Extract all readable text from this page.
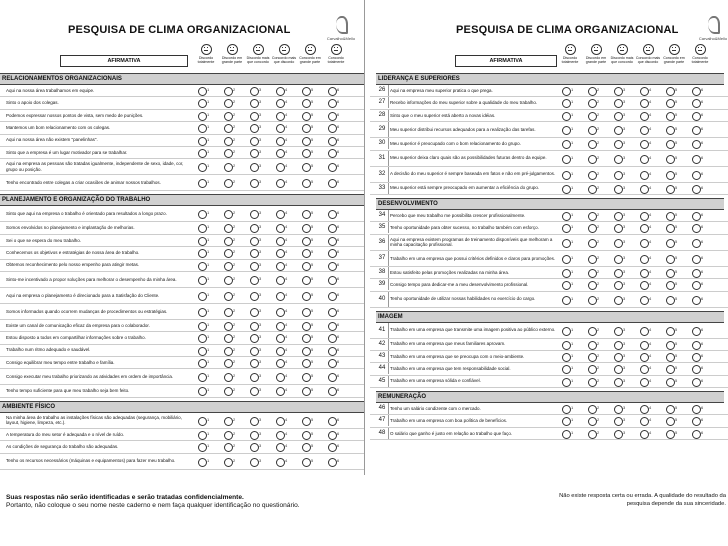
PESQUISA DE CLIMA ORGANIZACIONAL
Carvalho&Mello
Discordo totalmente
Discordo em grande parte
Discordo mais que concordo
Concordo mais que discordo
Concordo em grande parte
Concordo totalmente
AFIRMATIVA
RELACIONAMENTOS ORGANIZACIONAIS
Aqui na nossa área trabalhamos em equipe.	1	2	3	4	5	6
Sinto o apoio dos colegas.	1	2	3	4	5	6
Podemos expressar nossos pontos de vista, sem medo de punições.	1	2	3	4	5	6
Mantemos um bom relacionamento com os colegas.	1	2	3	4	5	6
Aqui na nossa área não existem "panelinhas".	1	2	3	4	5	6
Sinto que a empresa é um lugar motivador para se trabalhar.	1	2	3	4	5	6
Aqui na empresa as pessoas são tratadas igualmente, independente de sexo, idade, cor, grupo ou posição.
1	2	3	4	5	6
Tenho encontrado entre colegas a criar ocasiões de animar nossos trabalhos.	1	2	3	4	5	6
PLANEJAMENTO E ORGANIZAÇÃO DO TRABALHO
Sinto que aqui na empresa o trabalho é orientado para resultados a longo prazo.	1	2	3	4	5	6
Somos envolvidos no planejamento e implantação de melhorias.	1	2	3	4	5	6
Sei o que se espera do meu trabalho.	1	2	3	4	5	6
Conhecemos os objetivos e estratégias de nossa área de trabalho.	1	2	3	4	5	6
Obtemos reconhecimento pelo nosso empenho para atingir metas.	1	2	3	4	5	6
Sinto-me incentivado a propor soluções para melhorar o desempenho da minha área.	1	2	3	4	5	6
Aqui na empresa o planejamento é direcionado para a Satisfação do Cliente.	1	2	3	4	5	6
Somos informados quando ocorrem mudanças de procedimentos ou estratégias.	1	2	3	4	5	6
Existe um canal de comunicação eficaz da empresa para o colaborador.	1	2	3	4	5	6
Estou disposto a todos em compartilhar informações sobre o trabalho.	1	2	3	4	5	6
Trabalho num ritmo adequado e saudável.	1	2	3	4	5	6
Consigo equilibrar meu tempo entre trabalho e família.	1	2	3	4	5	6
Consigo executar meu trabalho priorizando as atividades em ordem de importância.	1	2	3	4	5	6
Tenho tempo suficiente para que meu trabalho seja bem feito.	1	2	3	4	5	6
AMBIENTE FÍSICO
Na minha área de trabalho as instalações físicas são adequadas (segurança, mobiliário, layout, higiene, limpeza, etc.).
1	2	3	4	5	6
A temperatura do meu setor é adequada e o nível de ruído.	1	2	3	4	5	6
As condições de segurança do trabalho são adequadas.	1	2	3	4	5	6
Tenho os recursos necessários (máquinas e equipamentos) para fazer meu trabalho.	1	2	3	4	5	6
PESQUISA DE CLIMA ORGANIZACIONAL
Carvalho&Mello
Discordo totalmente
Discordo em grande parte
Discordo mais que concordo
Concordo mais que discordo
Concordo em grande parte
Concordo totalmente
AFIRMATIVA
LIDERANÇA E SUPERIORES
26	Aqui na empresa meu superior pratica o que prega.	1	2	3	4	5	6
27	Recebo informações do meu superior sobre a qualidade do meu trabalho.	1	2	3	4	5	6
28	Sinto que o meu superior está aberto a novas idéias.	1	2	3	4	5	6
29	Meu superior distribui recursos adequados para a realização das tarefas.	1	2	3	4	5	6
30	Meu superior é preocupado com o bom relacionamento do grupo.	1	2	3	4	5	6
31	Meu superior deixa claro quais são as possibilidades futuras dentro da equipe.	1	2	3	4	5	6
32	A decisão do meu superior é sempre baseada em fatos e não em pré-julgamentos.	1	2	3	4	5	6
33	Meu superior está sempre preocupado em aumentar a eficiência do grupo.	1	2	3	4	5	6
DESENVOLVIMENTO
34	Percebo que meu trabalho me possibilita crescer profissionalmente.	1	2	3	4	5	6
35	Tenho oportunidade para obter sucesso, no trabalho também com esforço.	1	2	3	4	5	6
36	Aqui na empresa existem programas de treinamento disponíveis que melhoram a minha capacitação profissional.
1	2	3	4	5	6
37	Trabalho em uma empresa que possui critérios definidos e claros para promoções.	1	2	3	4	5	6
38	Estou satisfeito pelas promoções realizadas na minha área.	1	2	3	4	5	6
39	Consigo tempo para dedicar-me a meu desenvolvimento profissional.	1	2	3	4	5	6
40	Tenho oportunidade de utilizar nossas habilidades no exercício do cargo.	1	2	3	4	5	6
IMAGEM
41	Trabalho em uma empresa que transmite uma imagem positiva ao público externo.	1	2	3	4	5	6
42	Trabalho em uma empresa que meus familiares aprovam.	1	2	3	4	5	6
43	Trabalho em uma empresa que se preocupa com o meio-ambiente.	1	2	3	4	5	6
44	Trabalho em uma empresa que tem responsabilidade social.	1	2	3	4	5	6
45	Trabalho em uma empresa sólida e confiável.	1	2	3	4	5	6
REMUNERAÇÃO
46	Tenho um salário condizente com o mercado.	1	2	3	4	5	6
47	Trabalho em uma empresa com boa política de benefícios.	1	2	3	4	5	6
48	O salário que ganho é justo em relação ao trabalho que faço.	1	2	3	4	5	6
Suas respostas não serão identificadas e serão tratadas confidencialmente.
Portanto, não coloque o seu nome neste caderno e nem faça qualquer identificação no questionário.
Não existe resposta certa ou errada. A qualidade do resultado da
pesquisa depende da sua sinceridade.
